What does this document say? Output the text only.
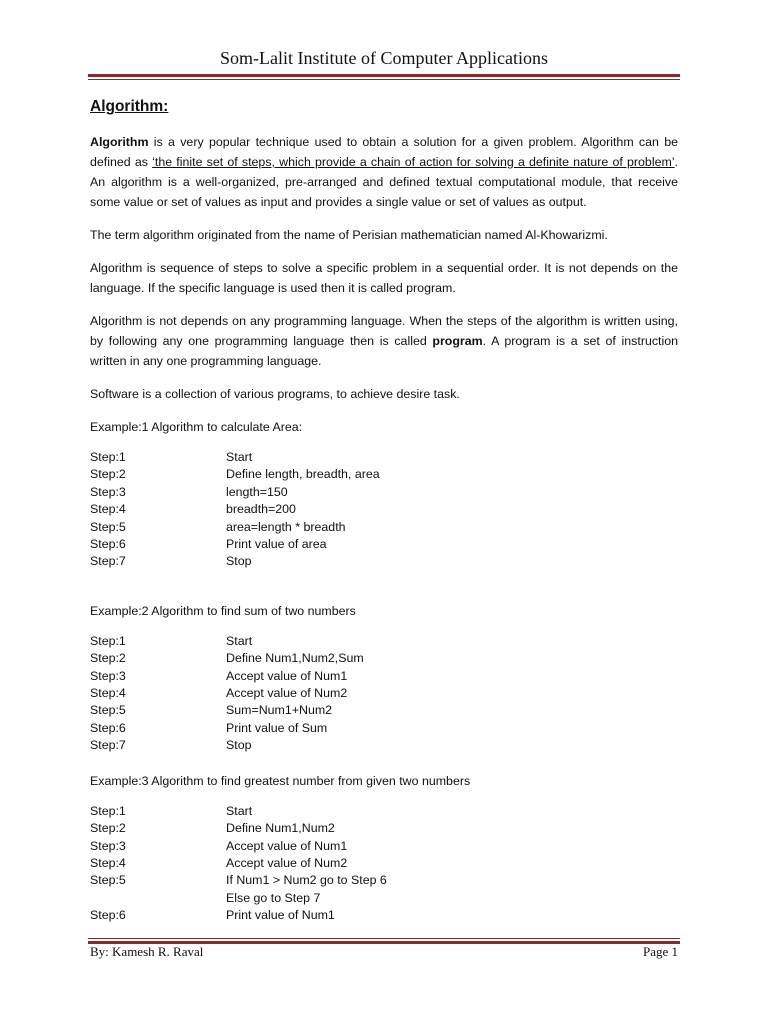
Som-Lalit Institute of Computer Applications
Algorithm:

Algorithm is a very popular technique used to obtain a solution for a given problem. Algorithm can be defined as ‘the finite set of steps, which provide a chain of action for solving a definite nature of problem’. An algorithm is a well-organized, pre-arranged and defined textual computational module, that receive some value or set of values as input and provides a single value or set of values as output.

The term algorithm originated from the name of Perisian mathematician named Al-Khowarizmi.

Algorithm is sequence of steps to solve a specific problem in a sequential order. It is not depends on the language. If the specific language is used then it is called program.

Algorithm is not depends on any programming language. When the steps of the algorithm is written using, by following any one programming language then is called program. A program is a set of instruction written in any one programming language.

Software is a collection of various programs, to achieve desire task.

Example:1 Algorithm to calculate Area:
Step:1	Start
Step:2	Define length, breadth, area
Step:3	length=150
Step:4	breadth=200
Step:5	area=length * breadth
Step:6	Print value of area
Step:7	Stop
Example:2 Algorithm to find sum of two numbers
Step:1	Start
Step:2	Define Num1,Num2,Sum
Step:3	Accept value of Num1
Step:4	Accept value of Num2
Step:5	Sum=Num1+Num2
Step:6	Print value of Sum
Step:7	Stop
Example:3 Algorithm to find greatest number from given two numbers
Step:1	Start
Step:2	Define Num1,Num2
Step:3	Accept value of Num1
Step:4	Accept value of Num2
Step:5	If Num1 > Num2 go to Step 6
Else go to Step 7
Step:6	Print value of Num1
By: Kamesh R. Raval	Page 1
